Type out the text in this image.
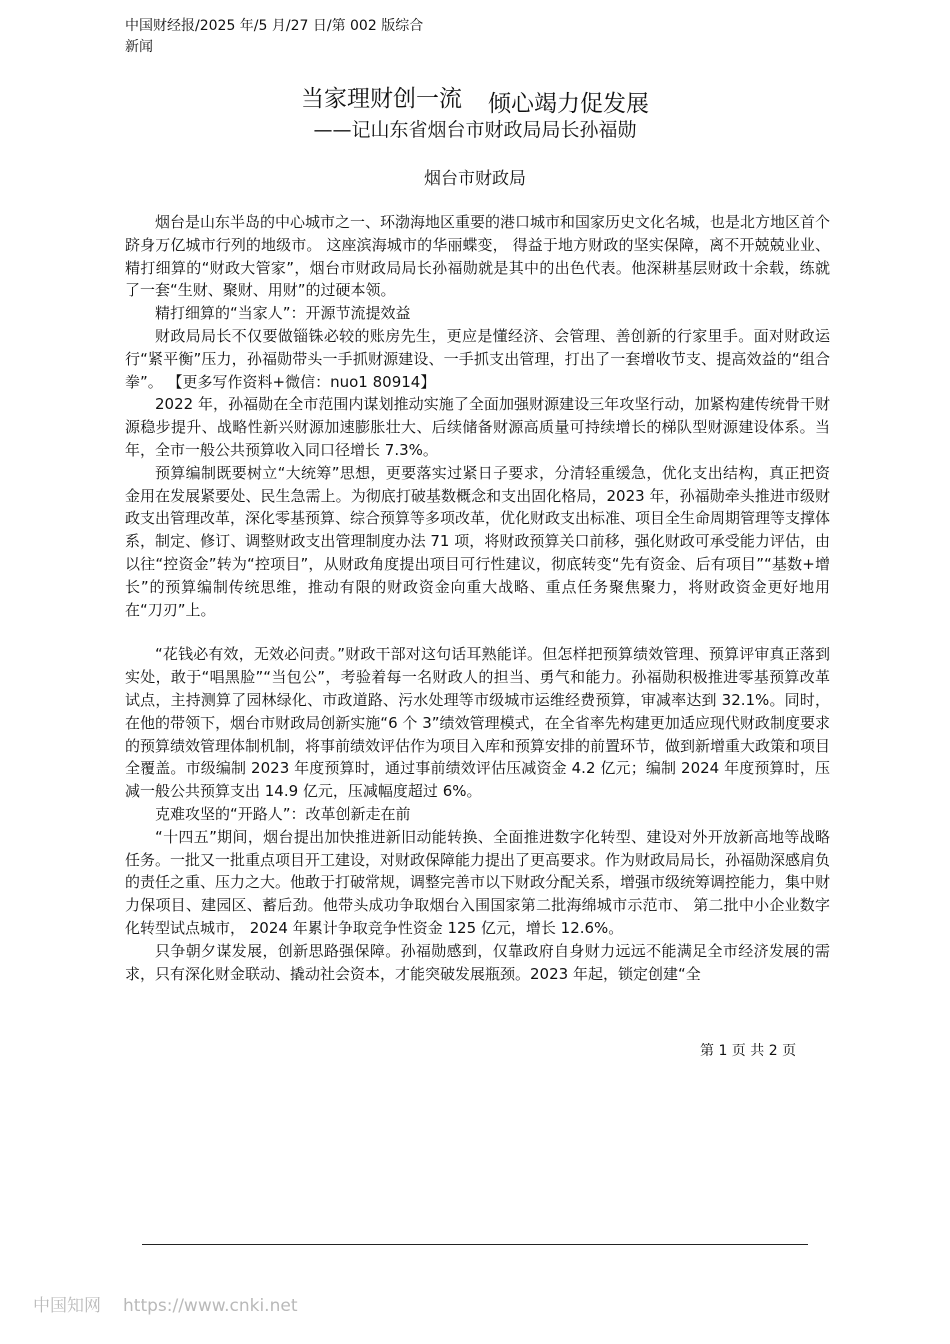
中国财经报/2025 年/5 月/27 日/第 002 版综合新闻
当家理财创一流 倾心竭力促发展
——记山东省烟台市财政局局长孙福勋
烟台市财政局

烟台是山东半岛的中心城市之一、环渤海地区重要的港口城市和国家历史文化名城，也是北方地区首个跻身万亿城市行列的地级市。 这座滨海城市的华丽蝶变， 得益于地方财政的坚实保障，离不开兢兢业业、精打细算的“财政大管家”，烟台市财政局局长孙福勋就是其中的出色代表。他深耕基层财政十余载，练就了一套“生财、聚财、用财”的过硬本领。

精打细算的“当家人”：开源节流提效益

财政局局长不仅要做锱铢必较的账房先生，更应是懂经济、会管理、善创新的行家里手。面对财政运行“紧平衡”压力，孙福勋带头一手抓财源建设、一手抓支出管理，打出了一套增收节支、提高效益的“组合拳”。 【更多写作资料+微信：nuo1 80914】

2022 年，孙福勋在全市范围内谋划推动实施了全面加强财源建设三年攻坚行动，加紧构建传统骨干财源稳步提升、战略性新兴财源加速膨胀壮大、后续储备财源高质量可持续增长的梯队型财源建设体系。当年，全市一般公共预算收入同口径增长 7.3%。

预算编制既要树立“大统筹”思想，更要落实过紧日子要求，分清轻重缓急，优化支出结构，真正把资金用在发展紧要处、民生急需上。为彻底打破基数概念和支出固化格局，2023 年，孙福勋牵头推进市级财政支出管理改革，深化零基预算、综合预算等多项改革，优化财政支出标准、项目全生命周期管理等支撑体系，制定、修订、调整财政支出管理制度办法 71 项，将财政预算关口前移，强化财政可承受能力评估，由以往“控资金”转为“控项目”，从财政角度提出项目可行性建议，彻底转变“先有资金、后有项目”“基数+增长”的预算编制传统思维，推动有限的财政资金向重大战略、重点任务聚焦聚力，将财政资金更好地用在“刀刃”上。

“花钱必有效，无效必问责。”财政干部对这句话耳熟能详。但怎样把预算绩效管理、预算评审真正落到实处，敢于“唱黑脸”“当包公”，考验着每一名财政人的担当、勇气和能力。孙福勋积极推进零基预算改革试点，主持测算了园林绿化、市政道路、污水处理等市级城市运维经费预算，审减率达到 32.1%。同时，在他的带领下，烟台市财政局创新实施“6 个 3”绩效管理模式，在全省率先构建更加适应现代财政制度要求的预算绩效管理体制机制，将事前绩效评估作为项目入库和预算安排的前置环节，做到新增重大政策和项目全覆盖。市级编制 2023 年度预算时，通过事前绩效评估压减资金 4.2 亿元；编制 2024 年度预算时，压减一般公共预算支出 14.9 亿元，压减幅度超过 6%。

克难攻坚的“开路人”：改革创新走在前

“十四五”期间，烟台提出加快推进新旧动能转换、全面推进数字化转型、建设对外开放新高地等战略任务。一批又一批重点项目开工建设，对财政保障能力提出了更高要求。作为财政局局长，孙福勋深感肩负的责任之重、压力之大。他敢于打破常规，调整完善市以下财政分配关系，增强市级统筹调控能力，集中财力保项目、建园区、蓄后劲。他带头成功争取烟台入围国家第二批海绵城市示范市、 第二批中小企业数字化转型试点城市， 2024 年累计争取竞争性资金 125 亿元，增长 12.6%。

只争朝夕谋发展，创新思路强保障。孙福勋感到，仅靠政府自身财力远远不能满足全市经济发展的需求，只有深化财金联动、撬动社会资本，才能突破发展瓶颈。2023 年起，锁定创建“全

第 1 页 共 2 页
中国知网 https://www.cnki.net
